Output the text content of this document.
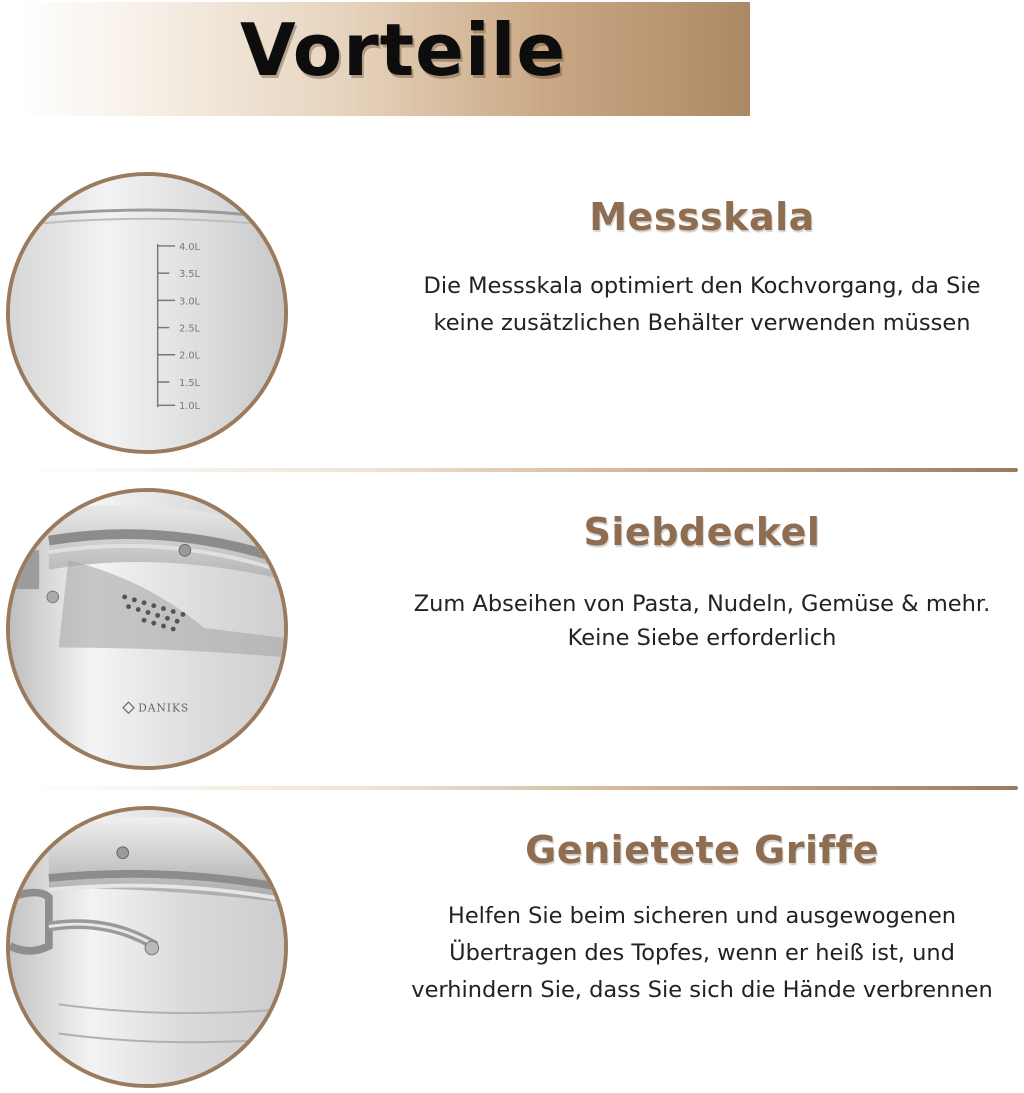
Vorteile
4.0L
3.5L
3.0L
2.5L
2.0L
1.5L
1.0L
Messskala
Die Messskala optimiert den Kochvorgang, da Sie
keine zusätzlichen Behälter verwenden müssen
DANIKS
Siebdeckel
Zum Abseihen von Pasta, Nudeln, Gemüse & mehr.
Keine Siebe erforderlich
Genietete Griffe
Helfen Sie beim sicheren und ausgewogenen
Übertragen des Topfes, wenn er heiß ist, und
verhindern Sie, dass Sie sich die Hände verbrennen
